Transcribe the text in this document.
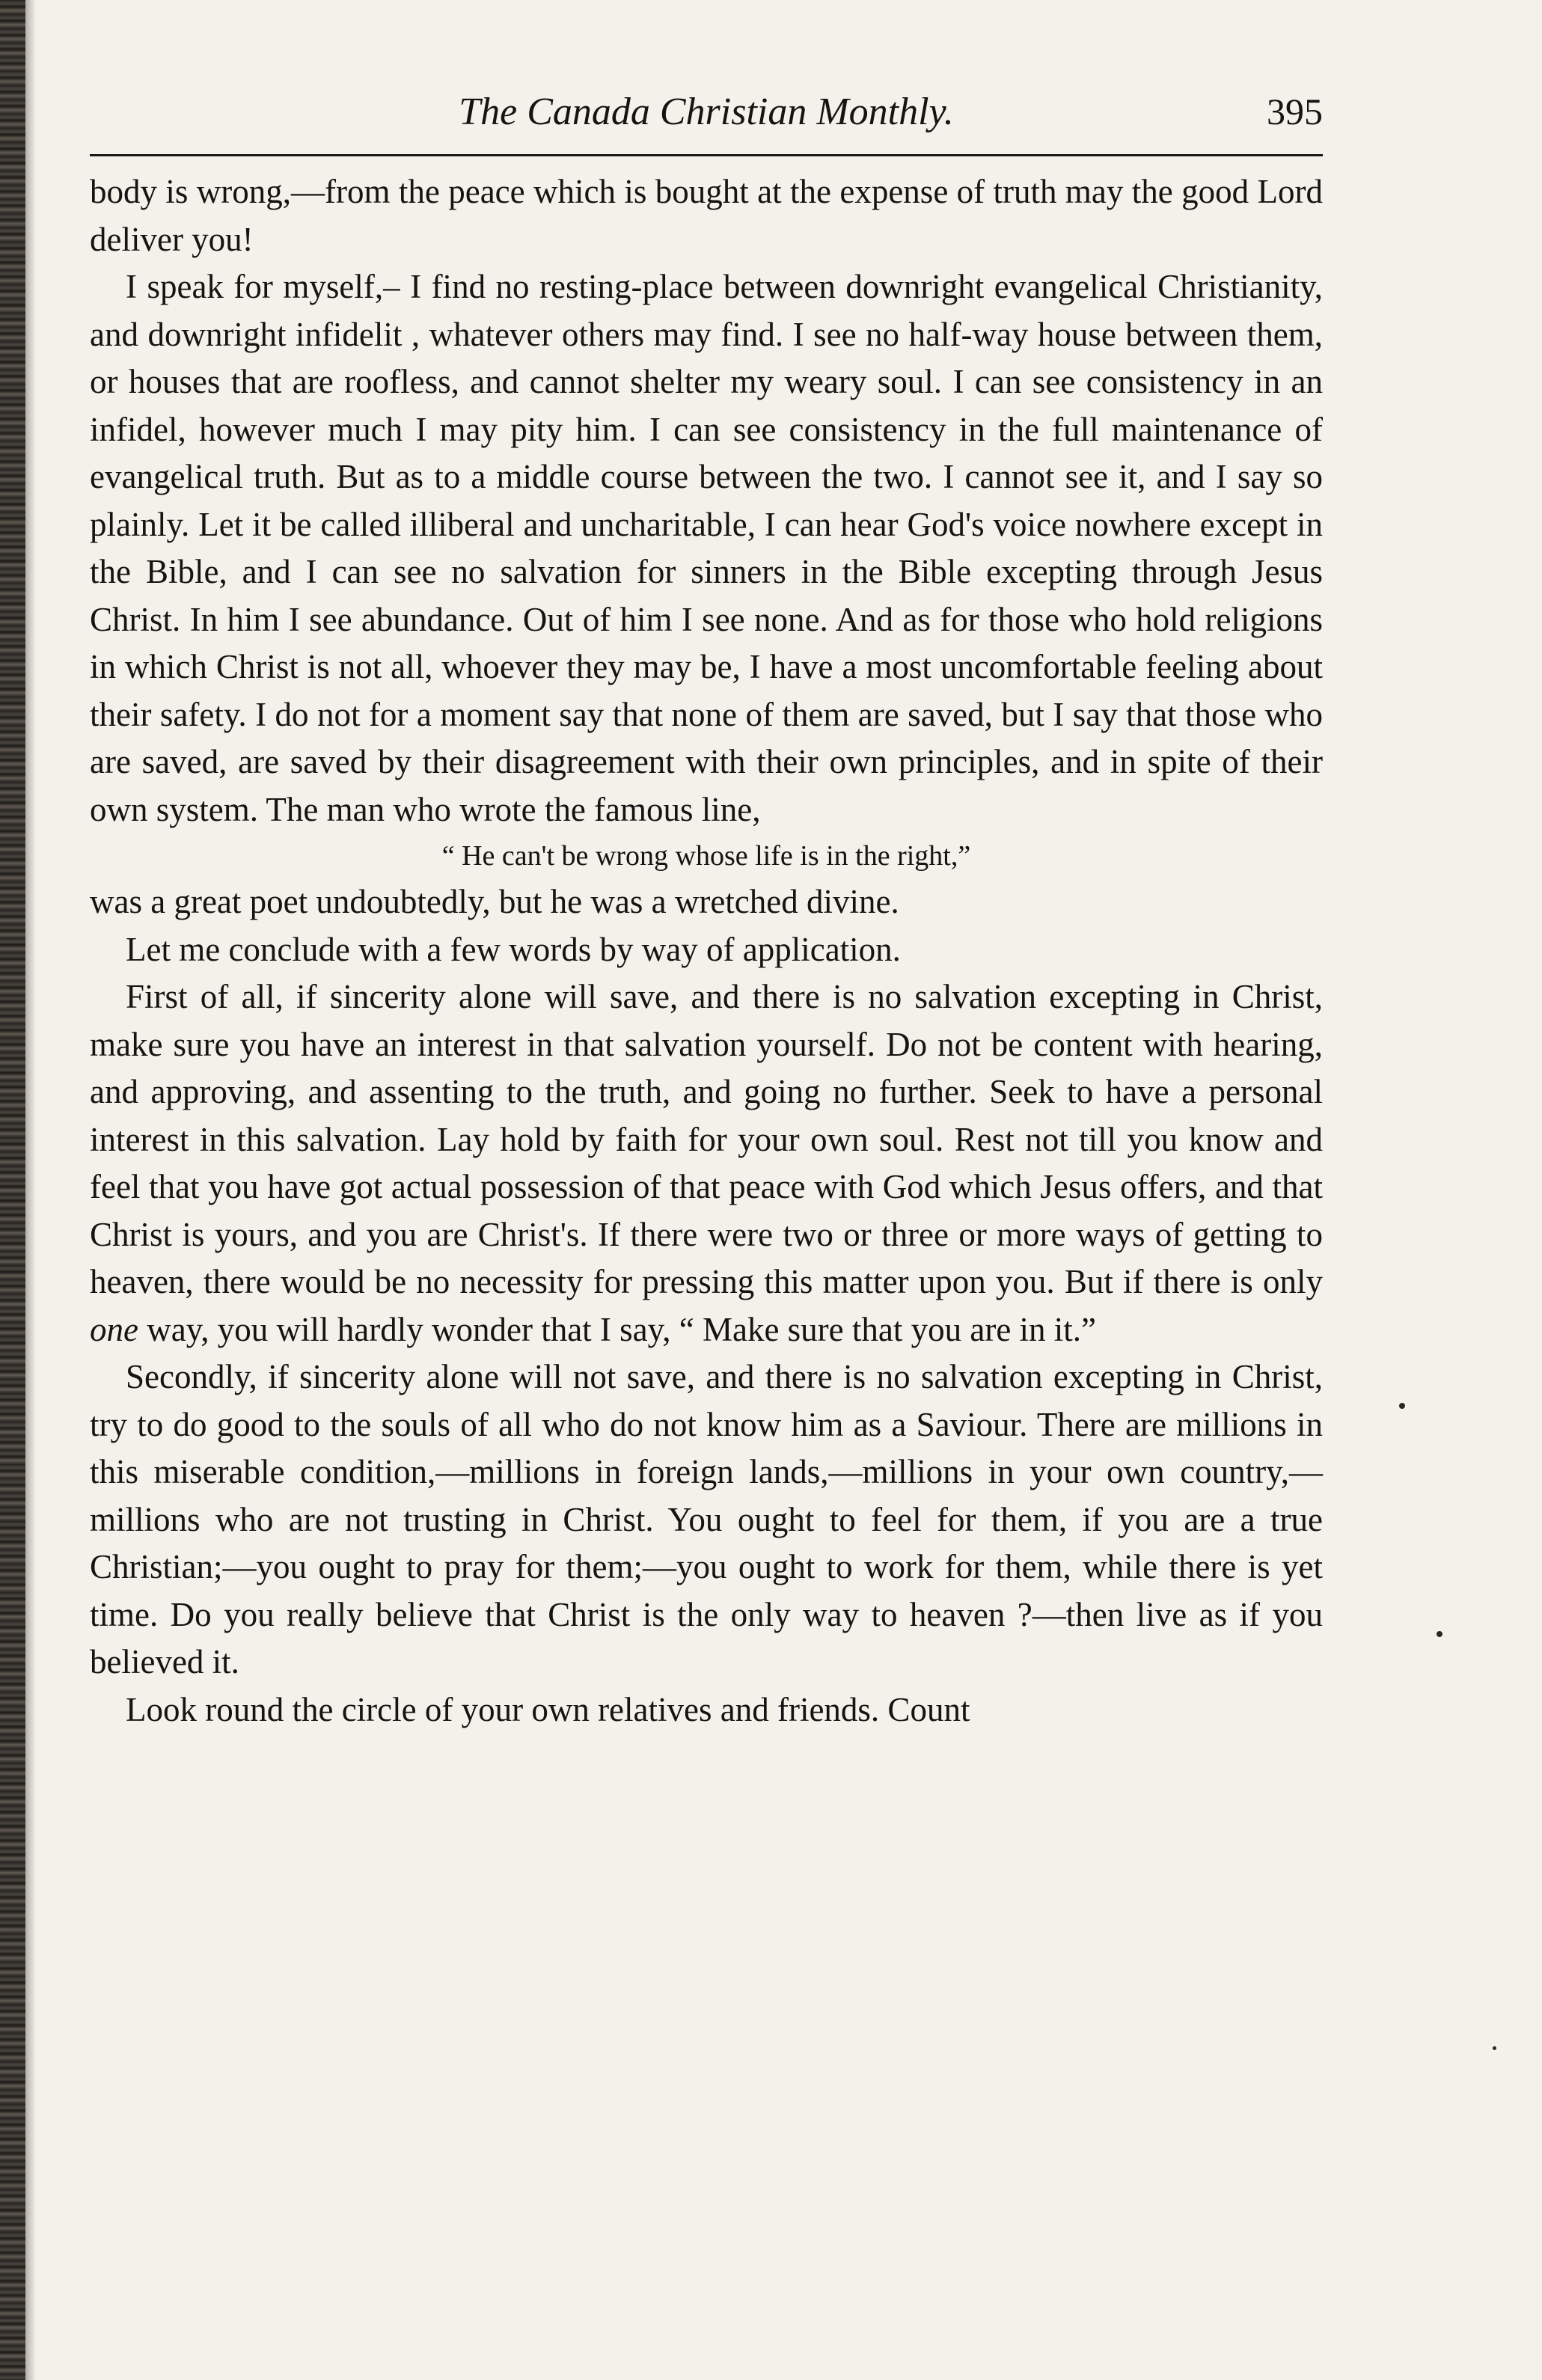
The Canada Christian Monthly.	395

body is wrong,—from the peace which is bought at the expense of truth may the good Lord deliver you!

I speak for myself,– I find no resting-place between downright evangelical Christianity, and downright infidelit , whatever others may find. I see no half-way house between them, or houses that are roofless, and cannot shelter my weary soul. I can see consistency in an infidel, however much I may pity him. I can see consistency in the full maintenance of evangelical truth. But as to a middle course between the two. I cannot see it, and I say so plainly. Let it be called illiberal and uncharitable, I can hear God's voice nowhere except in the Bible, and I can see no salvation for sinners in the Bible excepting through Jesus Christ. In him I see abundance. Out of him I see none. And as for those who hold religions in which Christ is not all, whoever they may be, I have a most uncomfortable feeling about their safety. I do not for a moment say that none of them are saved, but I say that those who are saved, are saved by their disagreement with their own principles, and in spite of their own system. The man who wrote the famous line,

“ He can't be wrong whose life is in the right,”

was a great poet undoubtedly, but he was a wretched divine.

Let me conclude with a few words by way of application.

First of all, if sincerity alone will save, and there is no salvation excepting in Christ, make sure you have an interest in that salvation yourself. Do not be content with hearing, and approving, and assenting to the truth, and going no further. Seek to have a personal interest in this salvation. Lay hold by faith for your own soul. Rest not till you know and feel that you have got actual possession of that peace with God which Jesus offers, and that Christ is yours, and you are Christ's. If there were two or three or more ways of getting to heaven, there would be no necessity for pressing this matter upon you. But if there is only one way, you will hardly wonder that I say, “ Make sure that you are in it.”

Secondly, if sincerity alone will not save, and there is no salvation excepting in Christ, try to do good to the souls of all who do not know him as a Saviour. There are millions in this miserable condition,—millions in foreign lands,—millions in your own country,—millions who are not trusting in Christ. You ought to feel for them, if you are a true Christian;—you ought to pray for them;—you ought to work for them, while there is yet time. Do you really believe that Christ is the only way to heaven ?—then live as if you believed it.

Look round the circle of your own relatives and friends. Count
